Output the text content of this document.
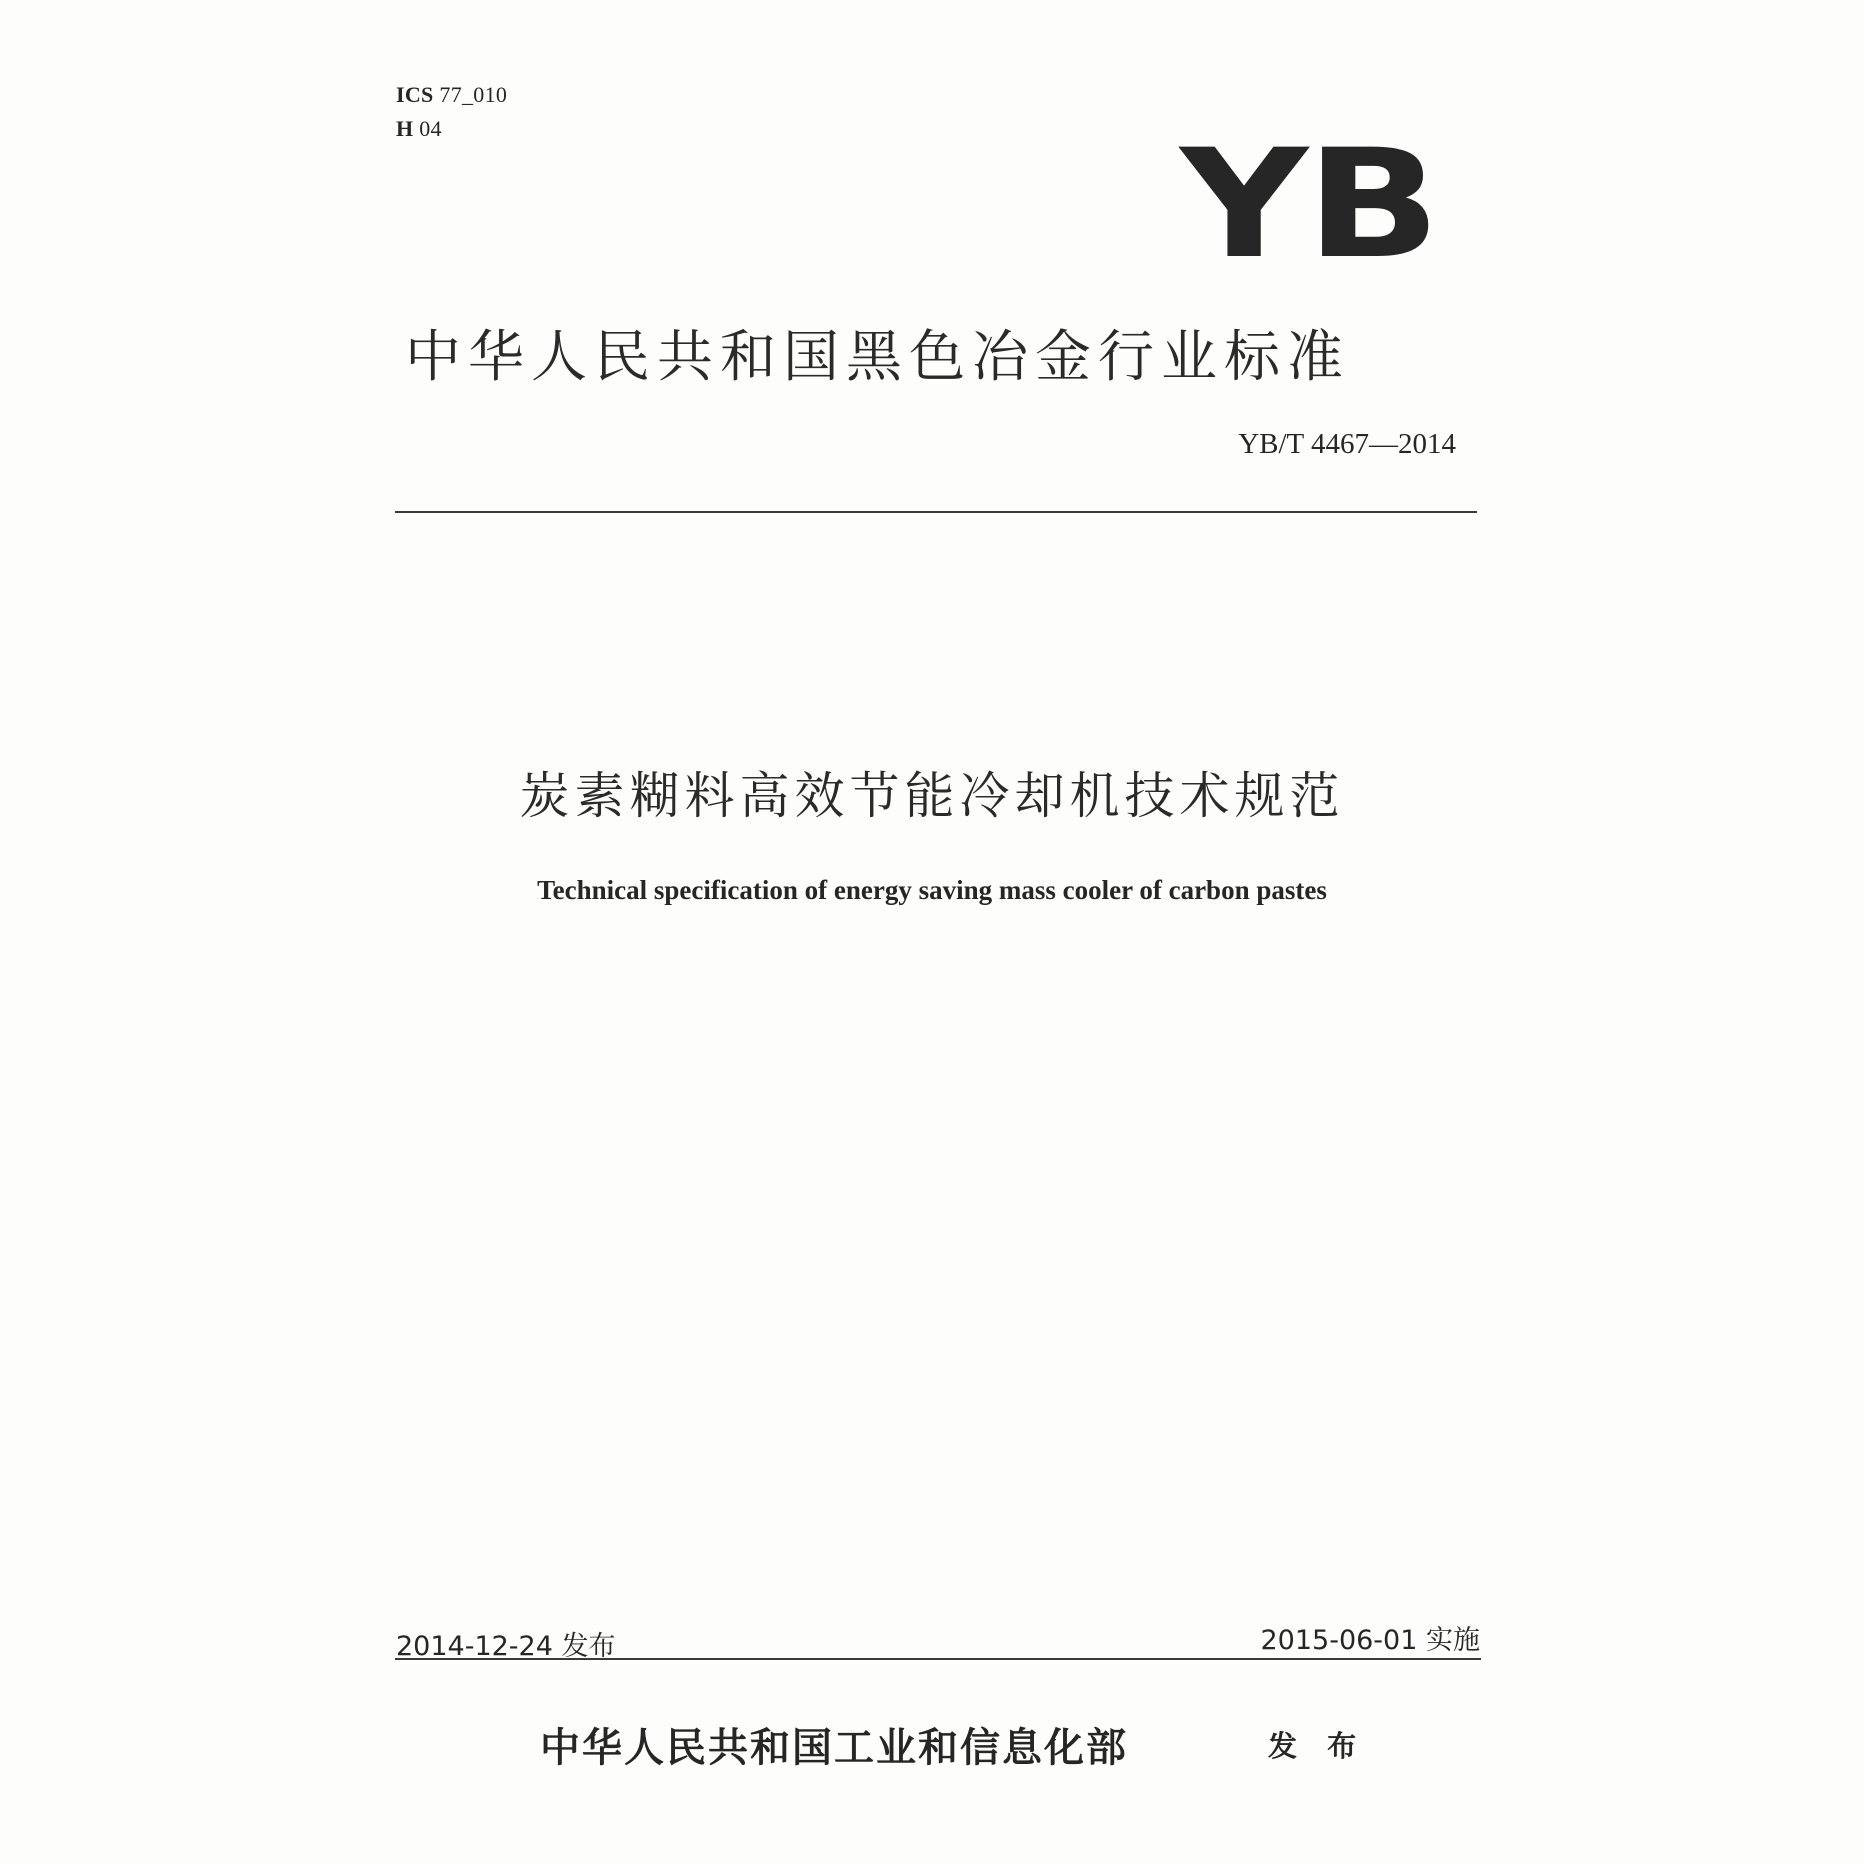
ICS 77_010
H 04	YB
中华人民共和国黑色冶金行业标准
YB/T 4467—2014
炭素糊料高效节能冷却机技术规范
Technical specification of energy saving mass cooler of carbon pastes
2014-12-24 发布	2015-06-01 实施
中华人民共和国工业和信息化部	发 布
